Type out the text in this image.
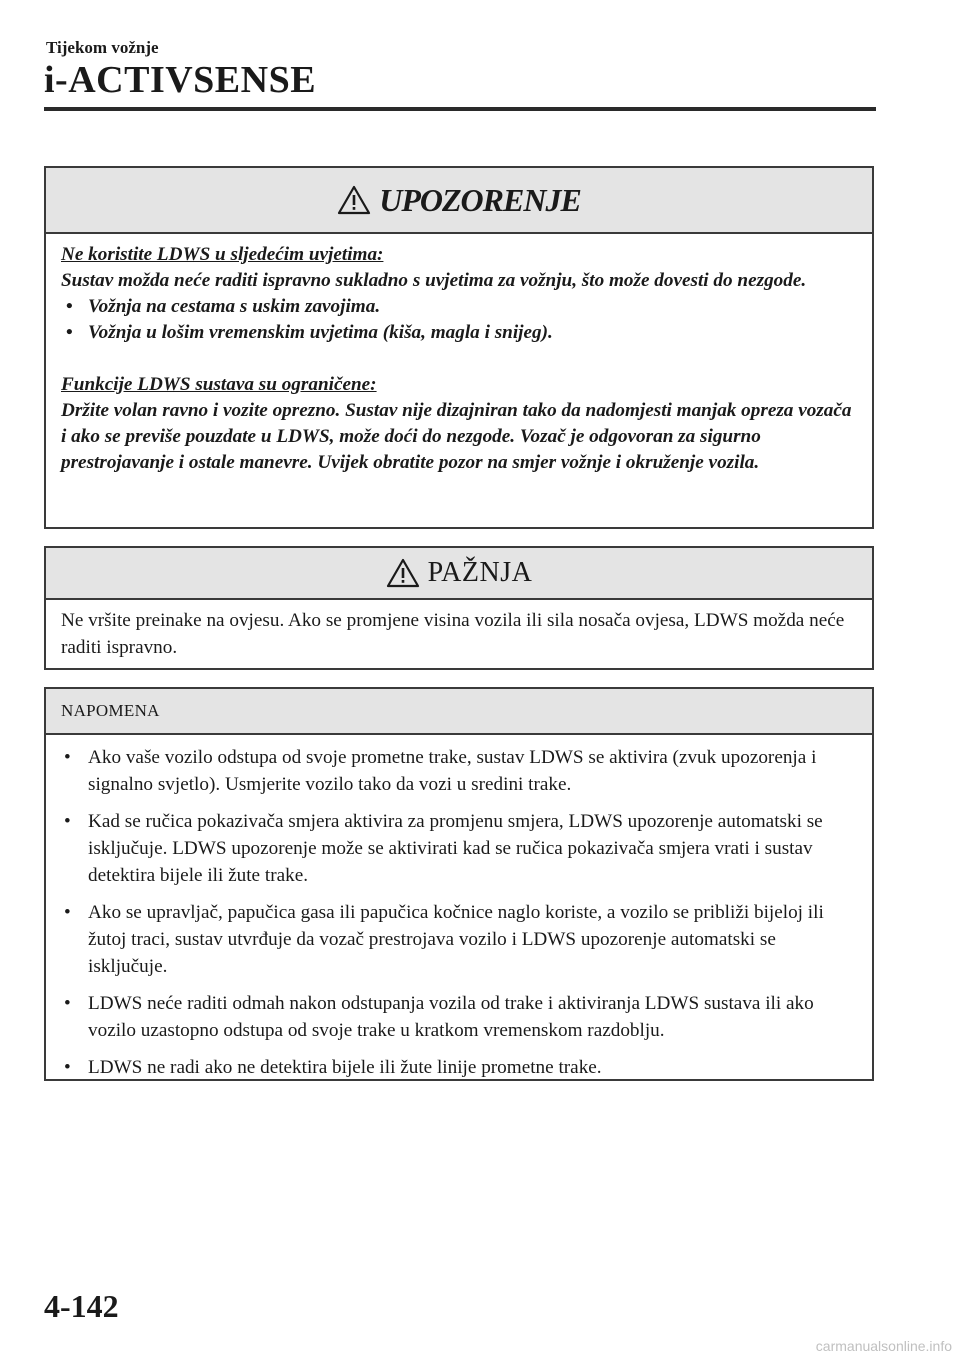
Tijekom vožnje
i-ACTIVSENSE
UPOZORENJE
Ne koristite LDWS u sljedećim uvjetima:
Sustav možda neće raditi ispravno sukladno s uvjetima za vožnju, što može dovesti do nezgode.
• Vožnja na cestama s uskim zavojima.
• Vožnja u lošim vremenskim uvjetima (kiša, magla i snijeg).
Funkcije LDWS sustava su ograničene:
Držite volan ravno i vozite oprezno. Sustav nije dizajniran tako da nadomjesti manjak opreza vozača i ako se previše pouzdate u LDWS, može doći do nezgode. Vozač je odgovoran za sigurno prestrojavanje i ostale manevre. Uvijek obratite pozor na smjer vožnje i okruženje vozila.
PAŽNJA
Ne vršite preinake na ovjesu. Ako se promjene visina vozila ili sila nosača ovjesa, LDWS možda neće raditi ispravno.
NAPOMENA
• Ako vaše vozilo odstupa od svoje prometne trake, sustav LDWS se aktivira (zvuk upozorenja i signalno svjetlo). Usmjerite vozilo tako da vozi u sredini trake.
• Kad se ručica pokazivača smjera aktivira za promjenu smjera, LDWS upozorenje automatski se isključuje. LDWS upozorenje može se aktivirati kad se ručica pokazivača smjera vrati i sustav detektira bijele ili žute trake.
• Ako se upravljač, papučica gasa ili papučica kočnice naglo koriste, a vozilo se približi bijeloj ili žutoj traci, sustav utvrđuje da vozač prestrojava vozilo i LDWS upozorenje automatski se isključuje.
• LDWS neće raditi odmah nakon odstupanja vozila od trake i aktiviranja LDWS sustava ili ako vozilo uzastopno odstupa od svoje trake u kratkom vremenskom razdoblju.
• LDWS ne radi ako ne detektira bijele ili žute linije prometne trake.
4-142
carmanualsonline.info
